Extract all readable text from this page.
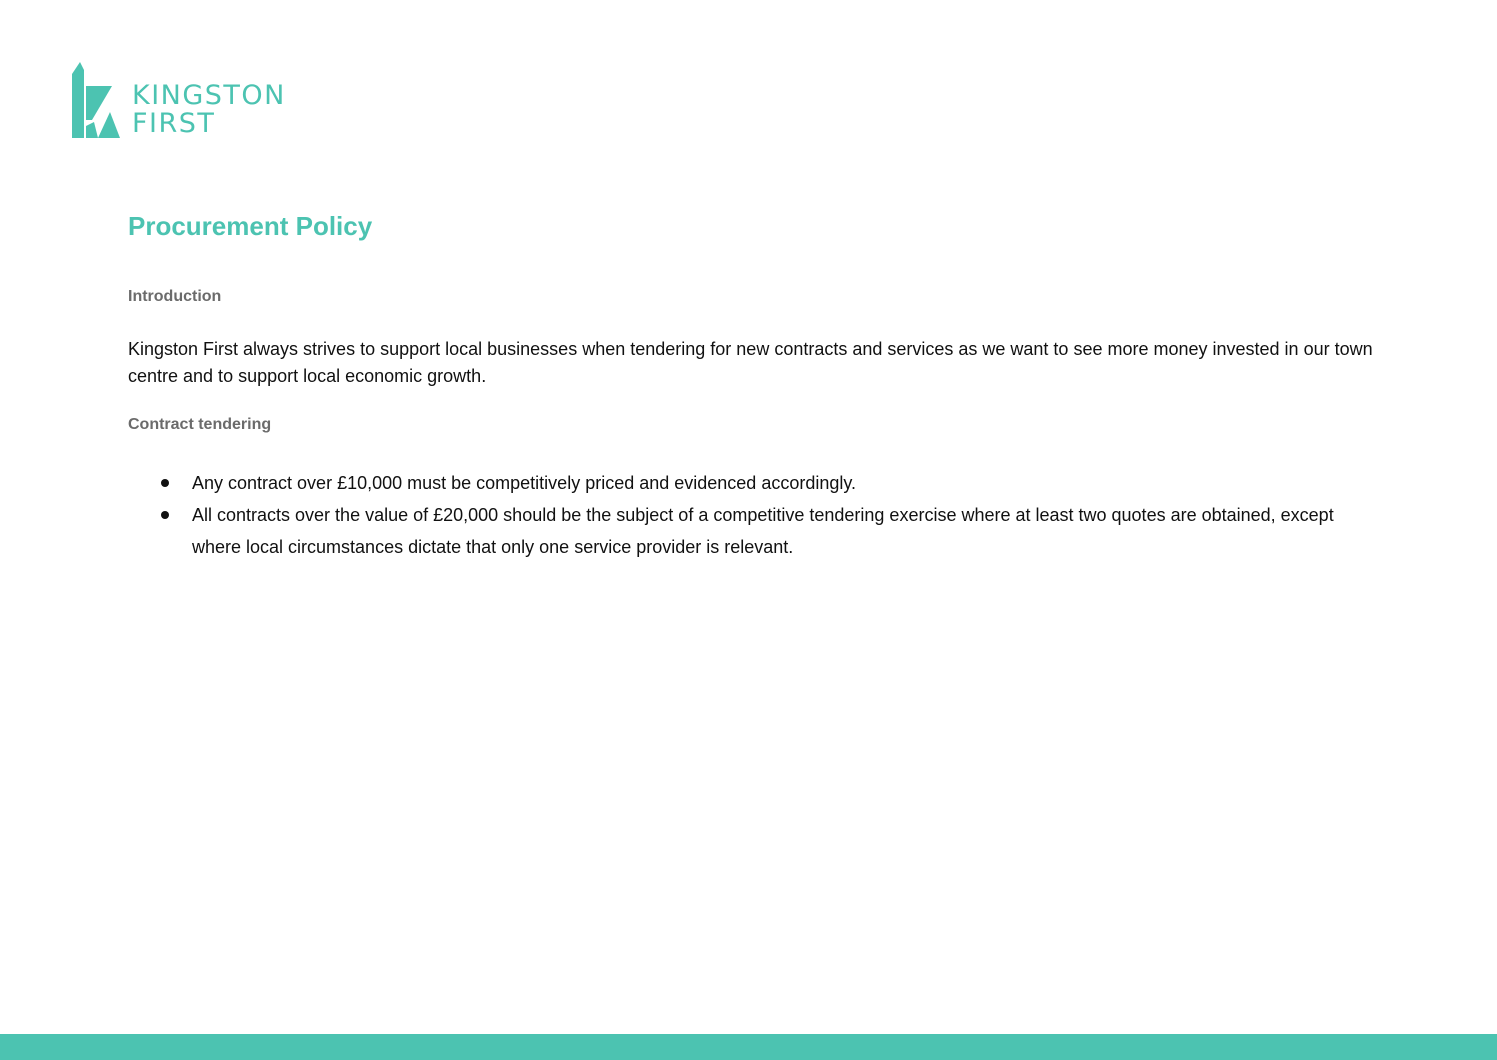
KINGSTON
FIRST
Procurement Policy
Introduction

Kingston First always strives to support local businesses when tendering for new contracts and services as we want to see more money invested in our town centre and to support local economic growth.

Contract tendering
Any contract over £10,000 must be competitively priced and evidenced accordingly.
All contracts over the value of £20,000 should be the subject of a competitive tendering exercise where at least two quotes are obtained, except where local circumstances dictate that only one service provider is relevant.
